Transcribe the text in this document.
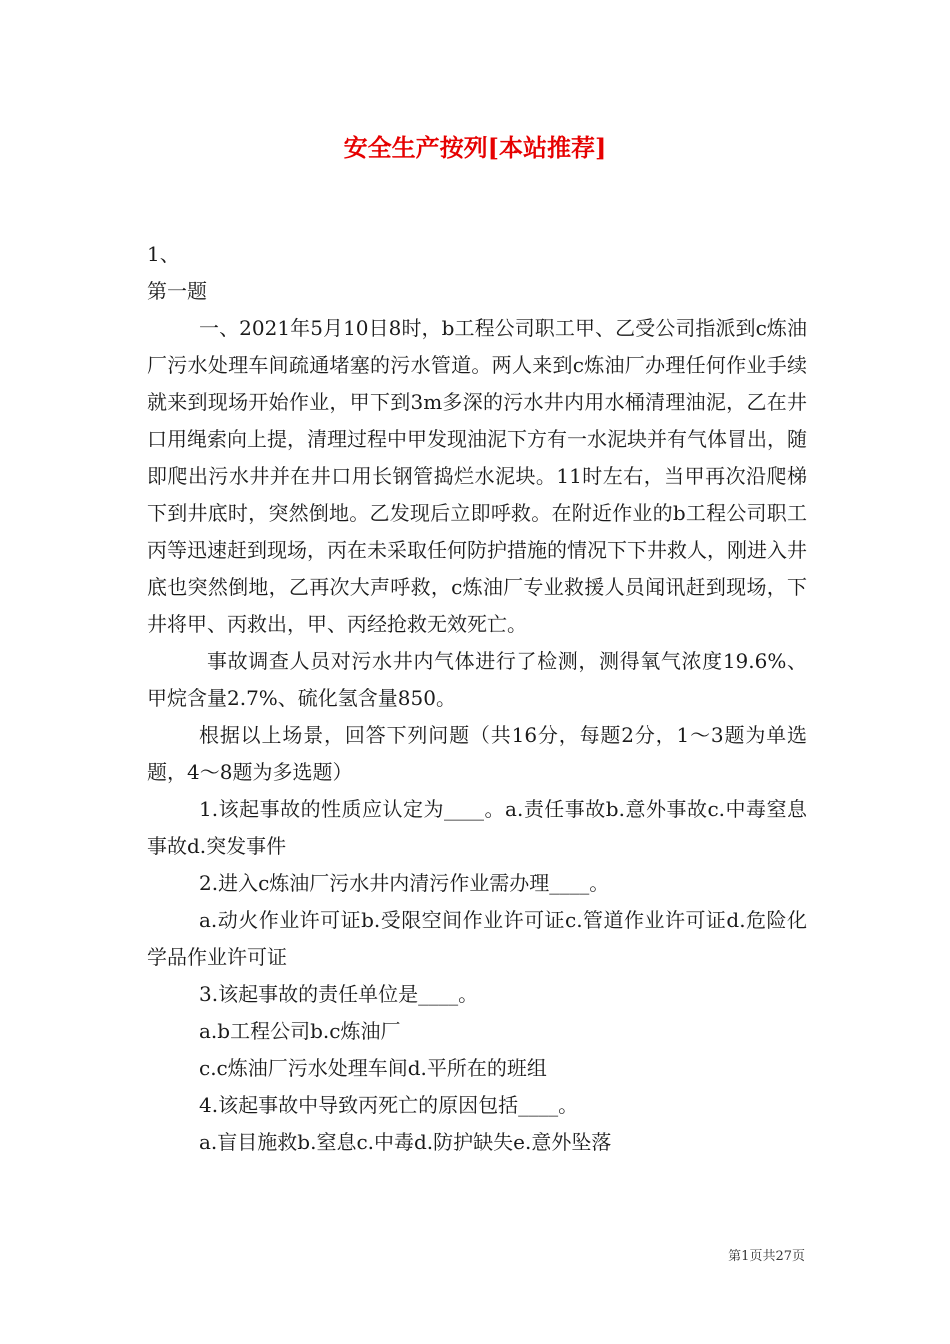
安全生产按列[本站推荐]

1、

第一题

一、2021年5月10日8时，b工程公司职工甲、乙受公司指派到c炼油厂污水处理车间疏通堵塞的污水管道。两人来到c炼油厂办理任何作业手续就来到现场开始作业，甲下到3m多深的污水井内用水桶清理油泥，乙在井口用绳索向上提，清理过程中甲发现油泥下方有一水泥块并有气体冒出，随即爬出污水井并在井口用长钢管捣烂水泥块。11时左右，当甲再次沿爬梯下到井底时，突然倒地。乙发现后立即呼救。在附近作业的b工程公司职工丙等迅速赶到现场，丙在未采取任何防护措施的情况下下井救人，刚进入井底也突然倒地，乙再次大声呼救，c炼油厂专业救援人员闻讯赶到现场，下井将甲、丙救出，甲、丙经抢救无效死亡。

事故调查人员对污水井内气体进行了检测，测得氧气浓度19.6%、甲烷含量2.7%、硫化氢含量850。

根据以上场景，回答下列问题（共16分，每题2分，1～3题为单选题，4～8题为多选题）

1.该起事故的性质应认定为____。a.责任事故b.意外事故c.中毒窒息事故d.突发事件

2.进入c炼油厂污水井内清污作业需办理____。

a.动火作业许可证b.受限空间作业许可证c.管道作业许可证d.危险化学品作业许可证

3.该起事故的责任单位是____。

a.b工程公司b.c炼油厂

c.c炼油厂污水处理车间d.平所在的班组

4.该起事故中导致丙死亡的原因包括____。

a.盲目施救b.窒息c.中毒d.防护缺失e.意外坠落

第1页共27页
